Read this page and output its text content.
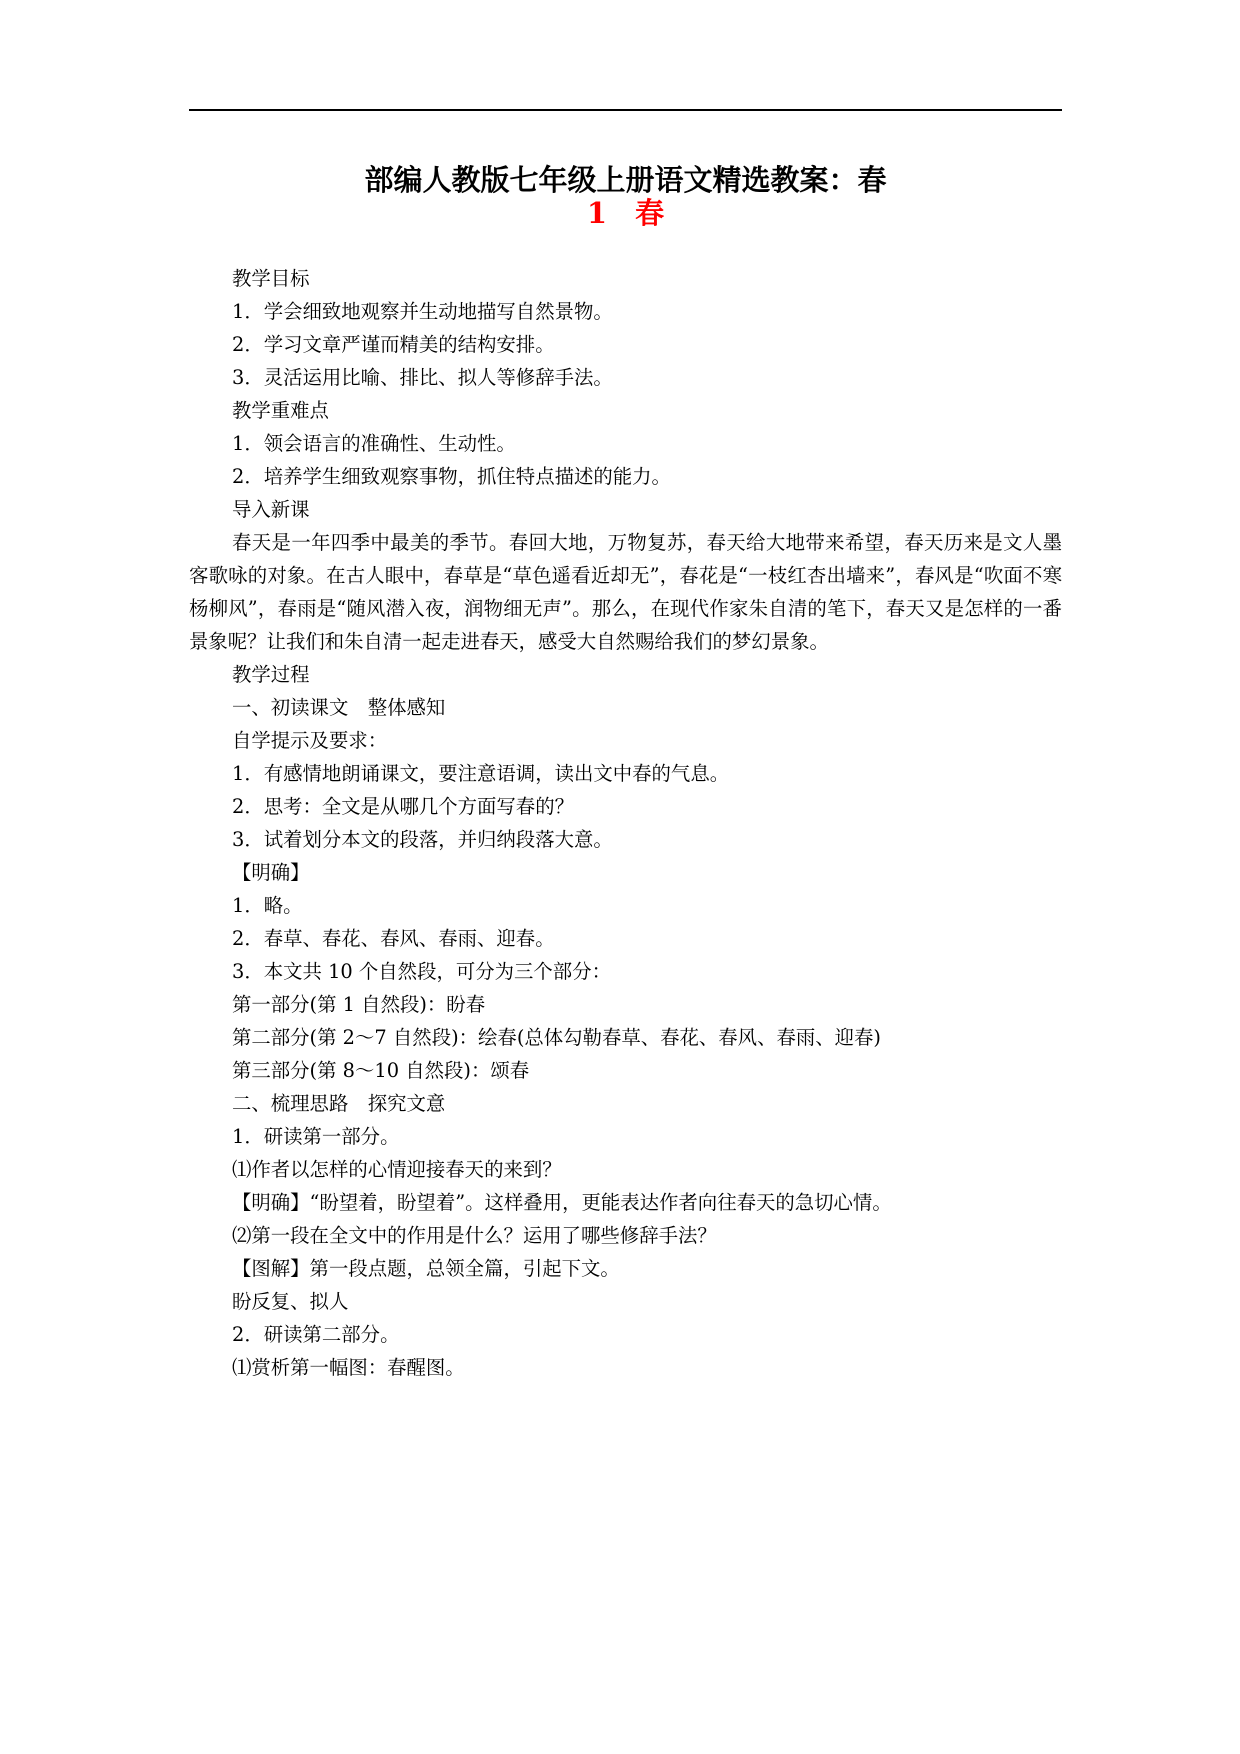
部编人教版七年级上册语文精选教案：春
1 春

教学目标

1．学会细致地观察并生动地描写自然景物。

2．学习文章严谨而精美的结构安排。

3．灵活运用比喻、排比、拟人等修辞手法。

教学重难点

1．领会语言的准确性、生动性。

2．培养学生细致观察事物，抓住特点描述的能力。

导入新课

春天是一年四季中最美的季节。春回大地，万物复苏，春天给大地带来希望，春天历来是文人墨客歌咏的对象。在古人眼中，春草是“草色遥看近却无”，春花是“一枝红杏出墙来”，春风是“吹面不寒杨柳风”，春雨是“随风潜入夜，润物细无声”。那么，在现代作家朱自清的笔下，春天又是怎样的一番景象呢？让我们和朱自清一起走进春天，感受大自然赐给我们的梦幻景象。

教学过程

一、初读课文　整体感知

自学提示及要求：

1．有感情地朗诵课文，要注意语调，读出文中春的气息。

2．思考：全文是从哪几个方面写春的？

3．试着划分本文的段落，并归纳段落大意。

【明确】

1．略。

2．春草、春花、春风、春雨、迎春。

3．本文共 10 个自然段，可分为三个部分：

第一部分(第 1 自然段)：盼春

第二部分(第 2～7 自然段)：绘春(总体勾勒春草、春花、春风、春雨、迎春)

第三部分(第 8～10 自然段)：颂春

二、梳理思路　探究文意

1．研读第一部分。

⑴作者以怎样的心情迎接春天的来到？

【明确】“盼望着，盼望着”。这样叠用，更能表达作者向往春天的急切心情。

⑵第一段在全文中的作用是什么？运用了哪些修辞手法？

【图解】第一段点题，总领全篇，引起下文。

盼反复、拟人

2．研读第二部分。

⑴赏析第一幅图：春醒图。
